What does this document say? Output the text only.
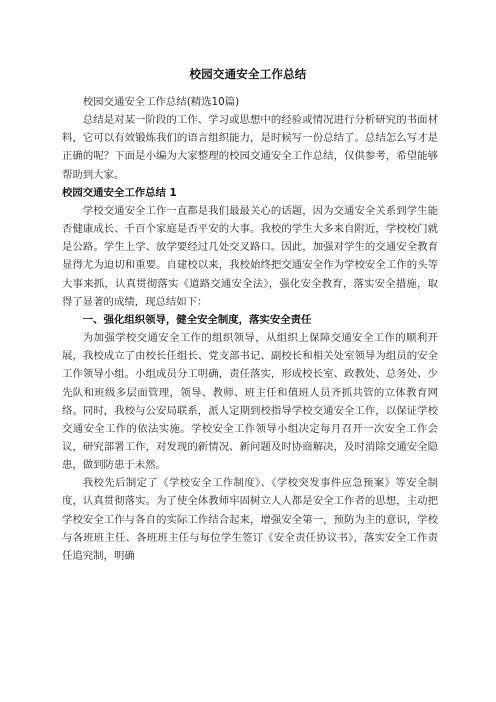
校园交通安全工作总结

校园交通安全工作总结(精选10篇)

总结是对某一阶段的工作、学习或思想中的经验或情况进行分析研究的书面材料，它可以有效锻炼我们的语言组织能力，是时候写一份总结了。总结怎么写才是正确的呢？下面是小编为大家整理的校园交通安全工作总结，仅供参考，希望能够帮助到大家。

校园交通安全工作总结 1

学校交通安全工作一直都是我们最最关心的话题，因为交通安全关系到学生能否健康成长、千百个家庭是否平安的大事。我校的学生大多来自附近，学校校门就是公路。学生上学、放学要经过几处交叉路口。因此，加强对学生的交通安全教育显得尤为迫切和重要。自建校以来，我校始终把交通安全作为学校安全工作的头等大事来抓，认真贯彻落实《道路交通安全法》，强化安全教育，落实安全措施，取得了显著的成绩，现总结如下：

一、强化组织领导，健全安全制度，落实安全责任

为加强学校交通安全工作的组织领导，从组织上保障交通安全工作的顺利开展，我校成立了由校长任组长、党支部书记、副校长和相关处室领导为组员的安全工作领导小组。小组成员分工明确，责任落实，形成校长室、政教处、总务处、少先队和班级多层面管理，领导、教师、班主任和值班人员齐抓共管的立体教育网络。同时，我校与公安局联系，派人定期到校指导学校交通安全工作，以保证学校交通安全工作的依法实施。学校安全工作领导小组决定每月召开一次安全工作会议，研究部署工作，对发现的新情况、新问题及时协商解决，及时消除交通安全隐患，做到防患于未然。

我校先后制定了《学校安全工作制度》、《学校突发事件应急预案》等安全制度，认真贯彻落实。为了使全体教师牢固树立人人都是安全工作者的思想，主动把学校安全工作与各自的实际工作结合起来，增强安全第一，预防为主的意识，学校与各班班主任、各班班主任与每位学生签订《安全责任协议书》，落实安全工作责任追究制，明确
